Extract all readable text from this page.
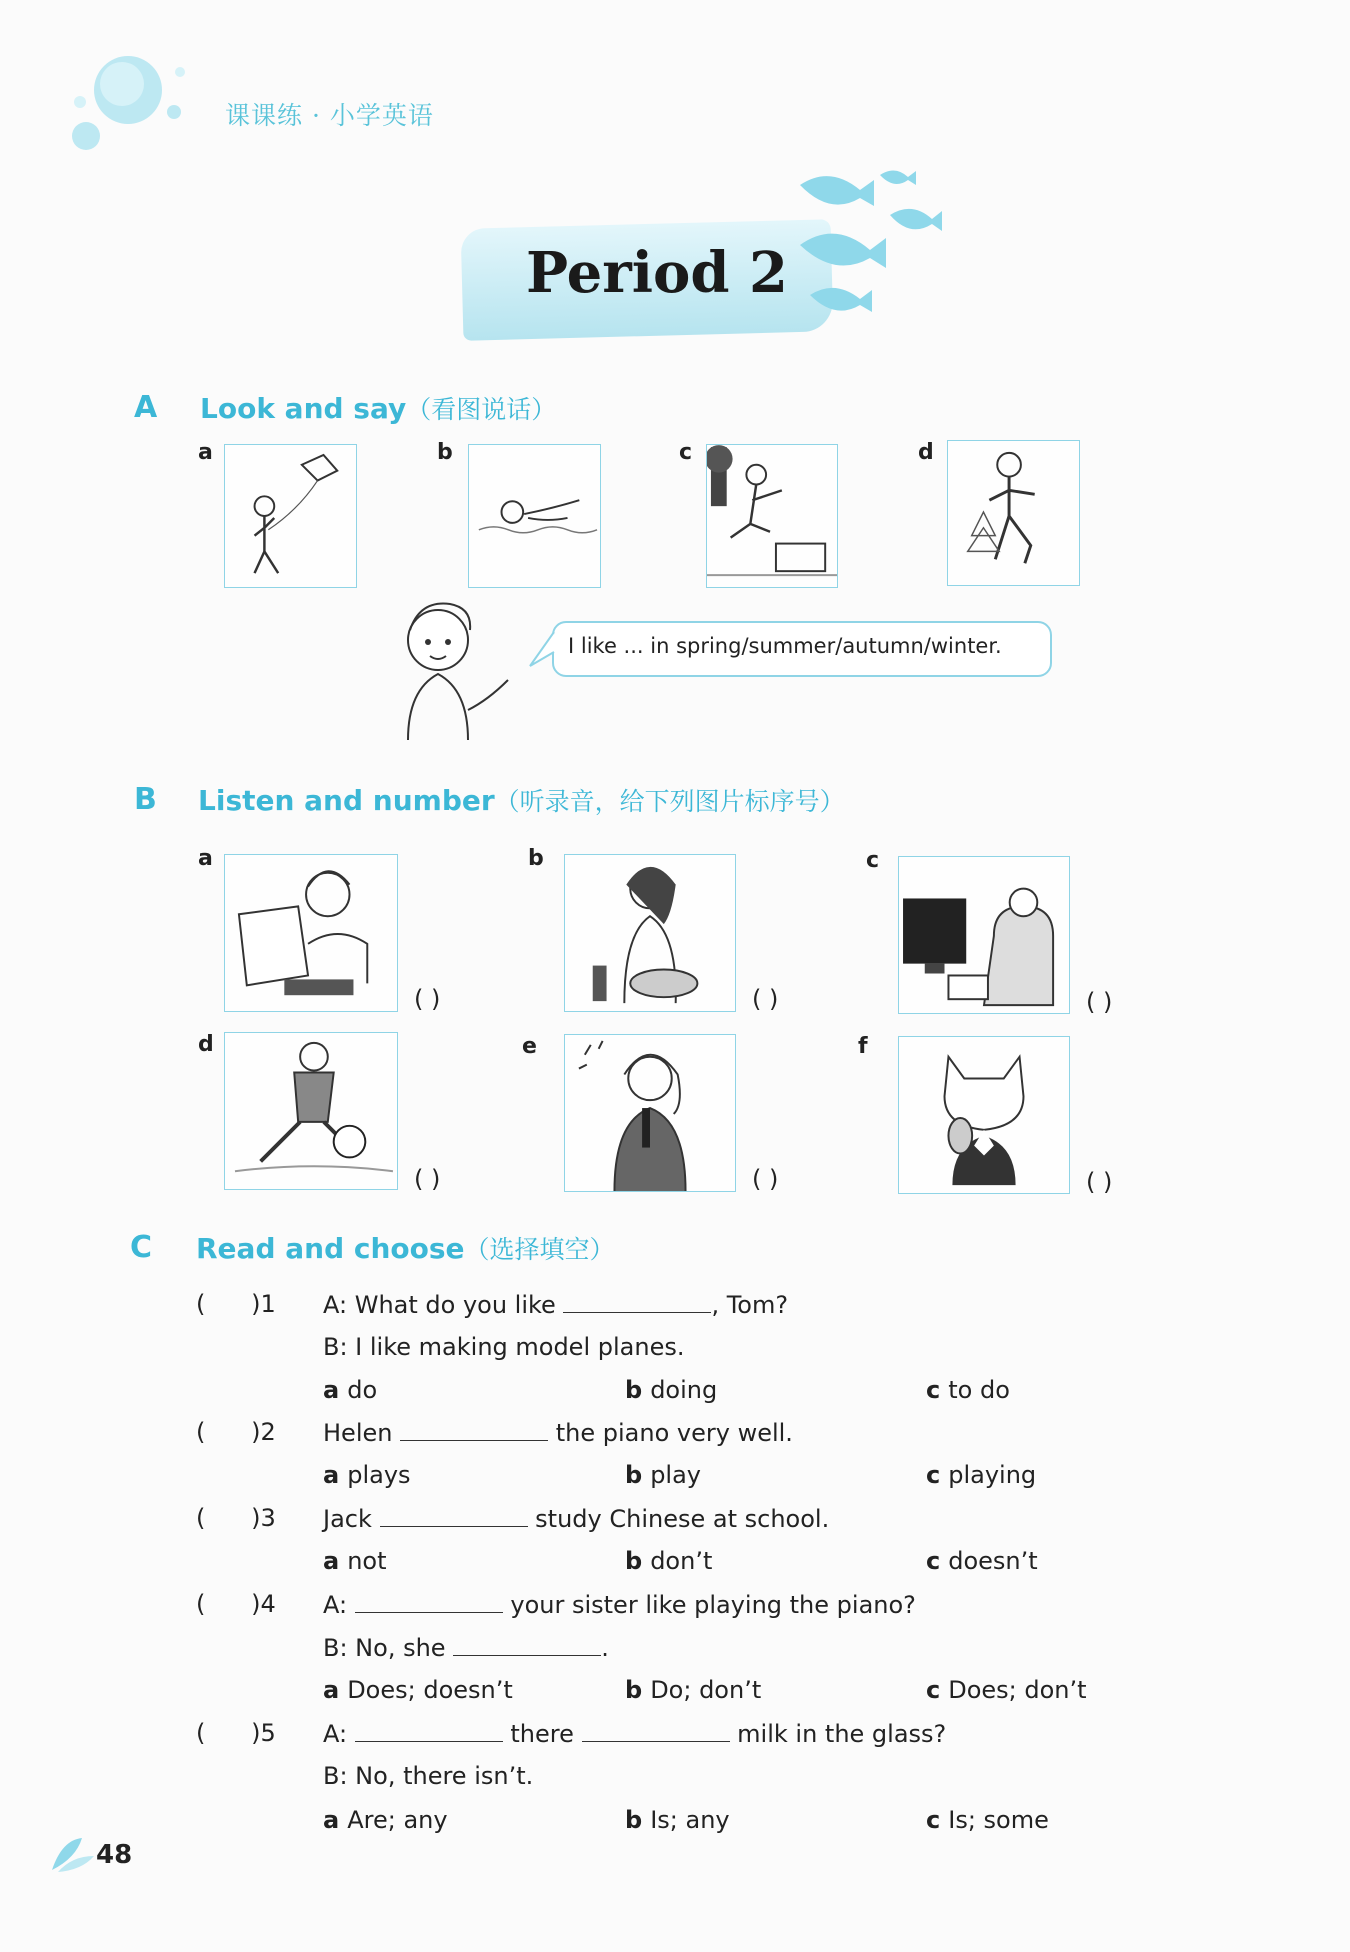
课课练 · 小学英语
Period 2
A Look and say（看图说话）
a	b	c	d
I like ... in spring/summer/autumn/winter.
B Listen and number（听录音，给下列图片标序号）
a
( )
b
( )
c
( )
d
( )
e
( )
f
( )
C Read and choose（选择填空）
(      )1 A: What do you like	, Tom?
B: I like making model planes.
a do	b doing	c to do
(      )2 Helen	the piano very well.
a plays	b play	c playing
(      )3 Jack	study Chinese at school.
a not	b don’t	c doesn’t
(      )4 A:	your sister like playing the piano?
B: No, she	.
a Does; doesn’t	b Do; don’t	c Does; don’t
(      )5 A:	there	milk in the glass?
B: No, there isn’t.
a Are; any	b Is; any	c Is; some
48
